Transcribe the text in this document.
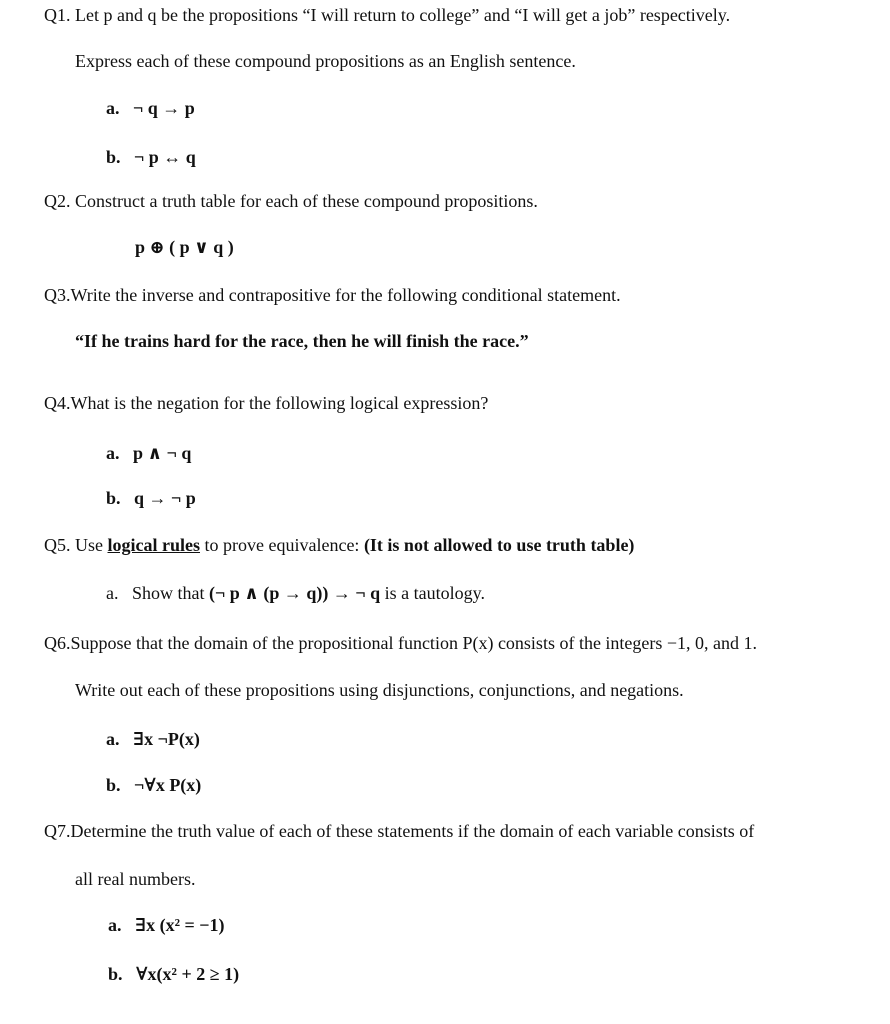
Q1. Let p and q be the propositions “I will return to college” and “I will get a job” respectively.
Express each of these compound propositions as an English sentence.
a. ¬ q → p
b. ¬ p ↔ q
Q2. Construct a truth table for each of these compound propositions.
p ⊕ ( p ∨ q )
Q3.Write the inverse and contrapositive for the following conditional statement.
“If he trains hard for the race, then he will finish the race.”
Q4.What is the negation for the following logical expression?
a. p ∧ ¬ q
b. q → ¬ p
Q5. Use logical rules to prove equivalence: (It is not allowed to use truth table)
a. Show that (¬ p ∧ (p → q)) → ¬ q is a tautology.
Q6.Suppose that the domain of the propositional function P(x) consists of the integers −1, 0, and 1.
Write out each of these propositions using disjunctions, conjunctions, and negations.
a. ∃x ¬P(x)
b. ¬∀x P(x)
Q7.Determine the truth value of each of these statements if the domain of each variable consists of
all real numbers.
a. ∃x (x² = −1)
b. ∀x(x² + 2 ≥ 1)
